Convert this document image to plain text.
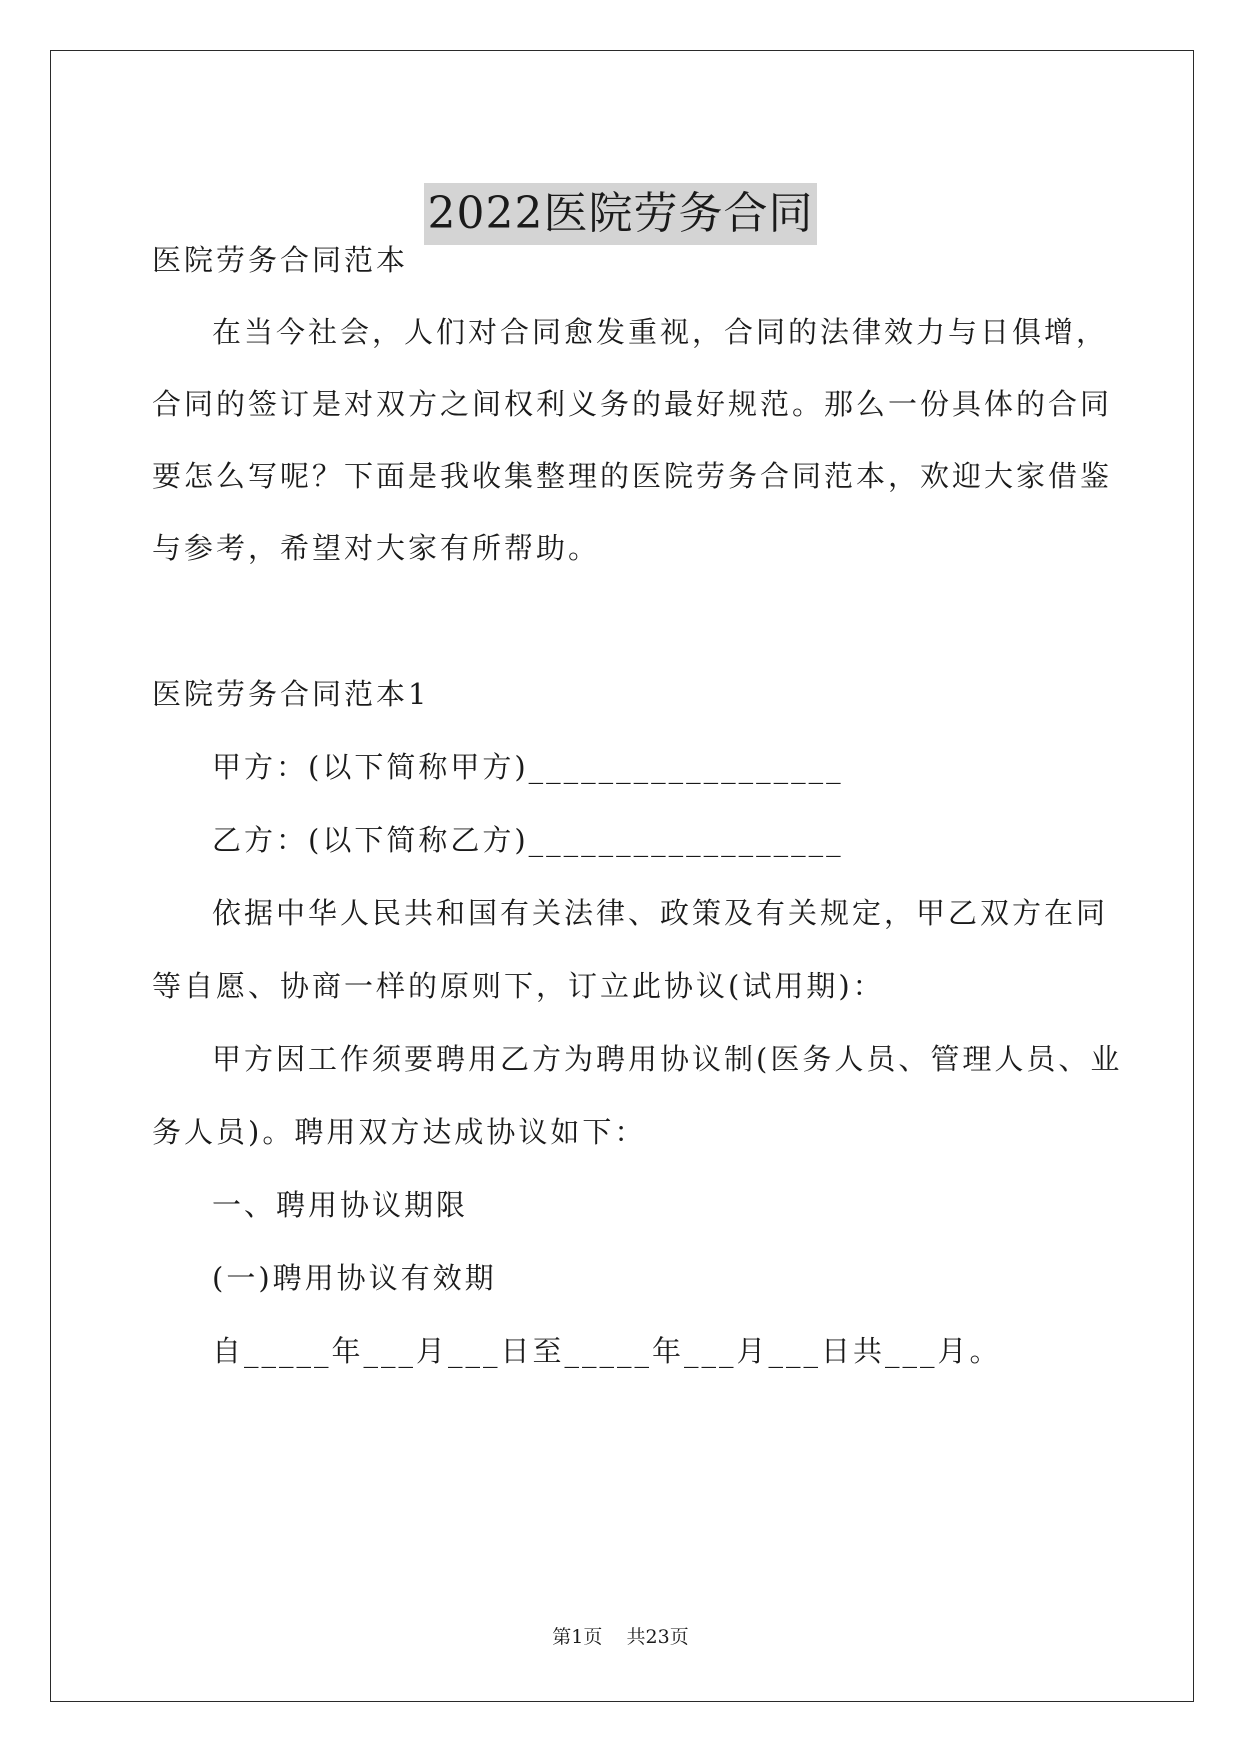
2022医院劳务合同
医院劳务合同范本
在当今社会，人们对合同愈发重视，合同的法律效力与日俱增，
合同的签订是对双方之间权利义务的最好规范。那么一份具体的合同
要怎么写呢？下面是我收集整理的医院劳务合同范本，欢迎大家借鉴
与参考，希望对大家有所帮助。
医院劳务合同范本1
甲方：(以下简称甲方)__________________
乙方：(以下简称乙方)__________________
依据中华人民共和国有关法律、政策及有关规定，甲乙双方在同
等自愿、协商一样的原则下，订立此协议(试用期)：
甲方因工作须要聘用乙方为聘用协议制(医务人员、管理人员、业
务人员)。聘用双方达成协议如下：
一、聘用协议期限
(一)聘用协议有效期
自_____年___月___日至_____年___月___日共___月。
第1页    共23页
